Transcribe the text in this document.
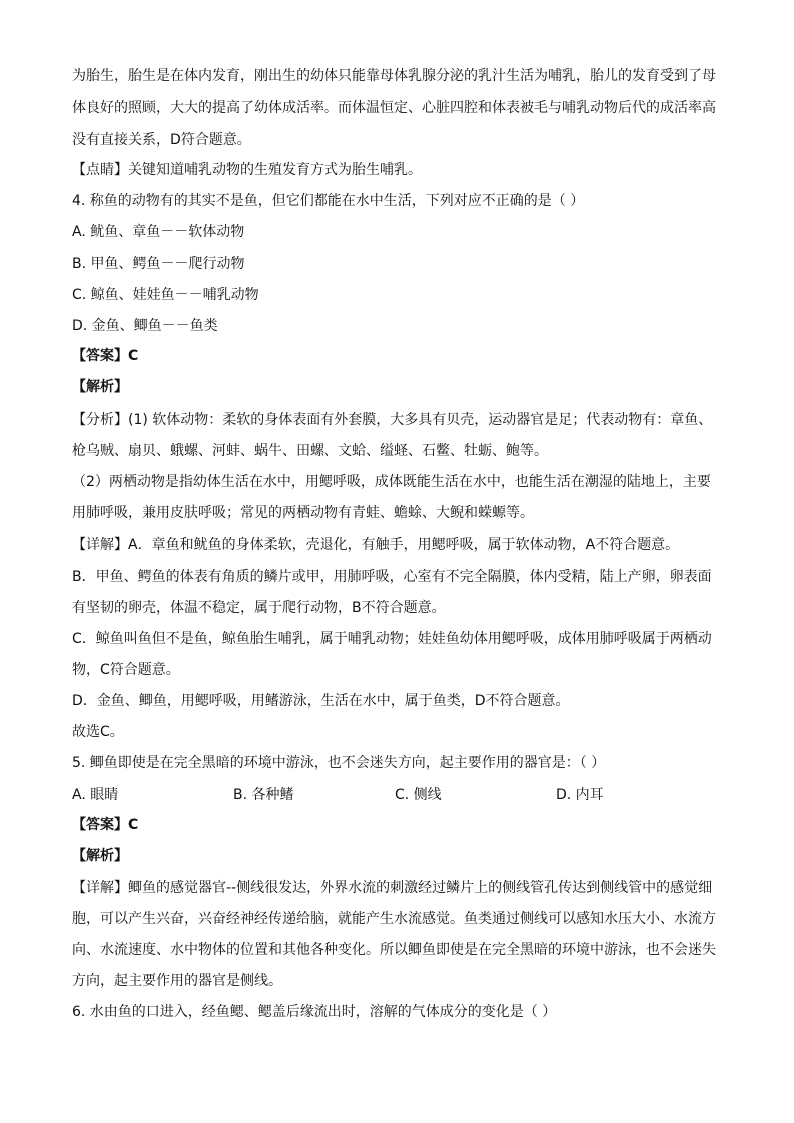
为胎生，胎生是在体内发育，刚出生的幼体只能靠母体乳腺分泌的乳汁生活为哺乳，胎儿的发育受到了母
体良好的照顾，大大的提高了幼体成活率。而体温恒定、心脏四腔和体表被毛与哺乳动物后代的成活率高
没有直接关系，D符合题意。
【点睛】关键知道哺乳动物的生殖发育方式为胎生哺乳。
4. 称鱼的动物有的其实不是鱼，但它们都能在水中生活，下列对应不正确的是（ ）
A. 鱿鱼、章鱼－－软体动物
B. 甲鱼、鳄鱼－－爬行动物
C. 鲸鱼、娃娃鱼－－哺乳动物
D. 金鱼、鲫鱼－－鱼类
【答案】C
【解析】
【分析】(1) 软体动物：柔软的身体表面有外套膜，大多具有贝壳，运动器官是足；代表动物有：章鱼、
枪乌贼、扇贝、蛾螺、河蚌、蜗牛、田螺、文蛤、缢蛏、石鳖、牡蛎、鲍等。
（2）两栖动物是指幼体生活在水中，用鳃呼吸，成体既能生活在水中，也能生活在潮湿的陆地上，主要
用肺呼吸，兼用皮肤呼吸；常见的两栖动物有青蛙、蟾蜍、大鲵和蝾螈等。
【详解】A．章鱼和鱿鱼的身体柔软，壳退化，有触手，用鳃呼吸，属于软体动物，A不符合题意。
B．甲鱼、鳄鱼的体表有角质的鳞片或甲，用肺呼吸，心室有不完全隔膜，体内受精，陆上产卵，卵表面
有坚韧的卵壳，体温不稳定，属于爬行动物，B不符合题意。
C．鲸鱼叫鱼但不是鱼，鲸鱼胎生哺乳，属于哺乳动物；娃娃鱼幼体用鳃呼吸，成体用肺呼吸属于两栖动
物，C符合题意。
D．金鱼、鲫鱼，用鳃呼吸，用鳍游泳，生活在水中，属于鱼类，D不符合题意。
故选C。
5. 鲫鱼即使是在完全黑暗的环境中游泳，也不会迷失方向，起主要作用的器官是：（ ）
A. 眼睛	B. 各种鳍	C. 侧线	D. 内耳
【答案】C
【解析】
【详解】鲫鱼的感觉器官--侧线很发达，外界水流的刺激经过鳞片上的侧线管孔传达到侧线管中的感觉细
胞，可以产生兴奋，兴奋经神经传递给脑，就能产生水流感觉。鱼类通过侧线可以感知水压大小、水流方
向、水流速度、水中物体的位置和其他各种变化。所以鲫鱼即使是在完全黑暗的环境中游泳，也不会迷失
方向，起主要作用的器官是侧线。
6. 水由鱼的口进入，经鱼鳃、鳃盖后缘流出时，溶解的气体成分的变化是（ ）
